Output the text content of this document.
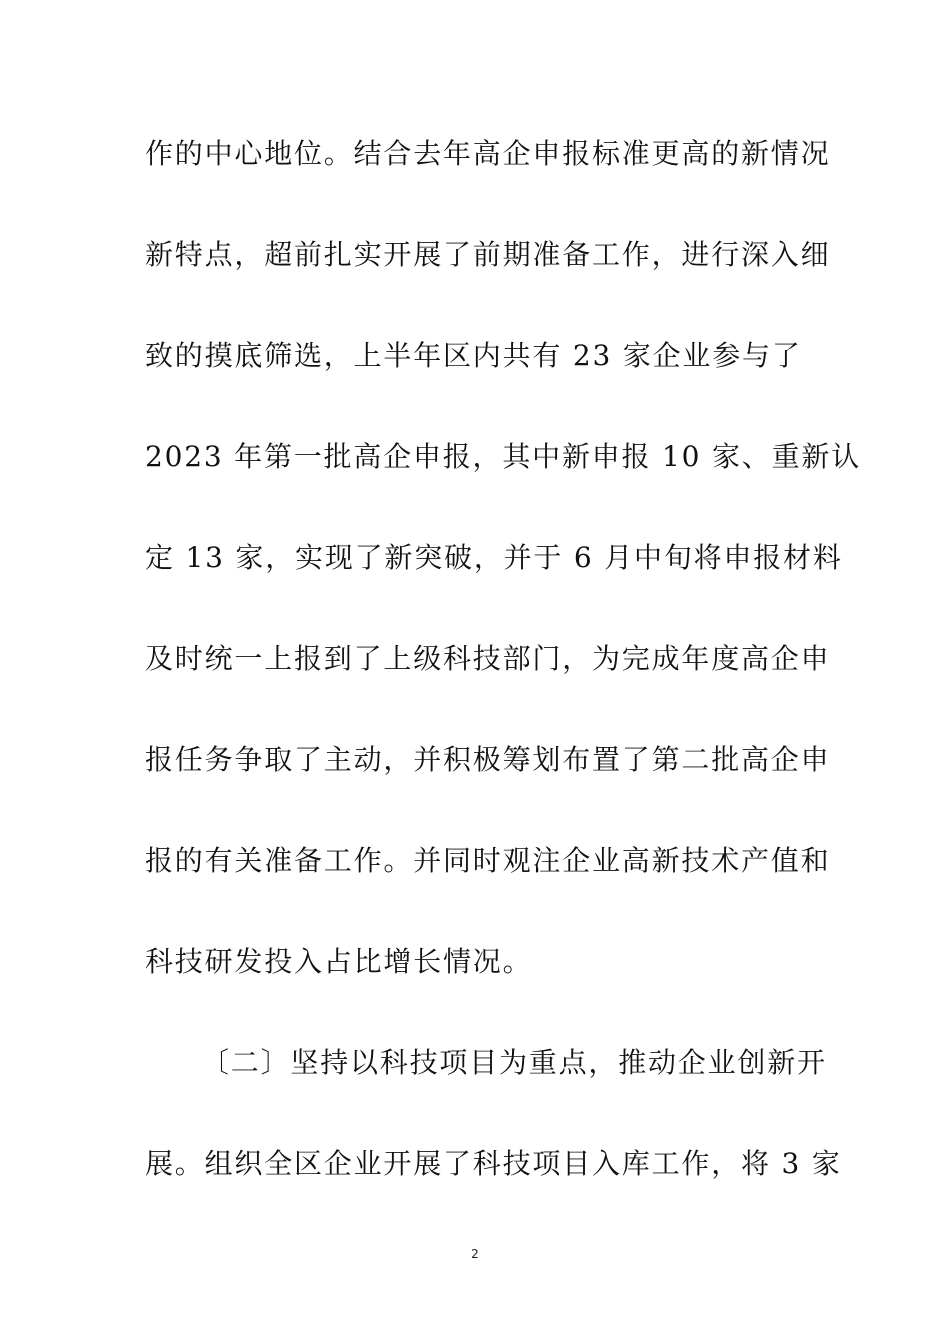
作的中心地位。结合去年高企申报标准更高的新情况
新特点，超前扎实开展了前期准备工作，进行深入细
致的摸底筛选，上半年区内共有 23 家企业参与了
2023 年第一批高企申报，其中新申报 10 家、重新认
定 13 家，实现了新突破，并于 6 月中旬将申报材料
及时统一上报到了上级科技部门，为完成年度高企申
报任务争取了主动，并积极筹划布置了第二批高企申
报的有关准备工作。并同时观注企业高新技术产值和
科技研发投入占比增长情况。
〔二〕坚持以科技项目为重点，推动企业创新开
展。组织全区企业开展了科技项目入库工作，将 3 家
2
